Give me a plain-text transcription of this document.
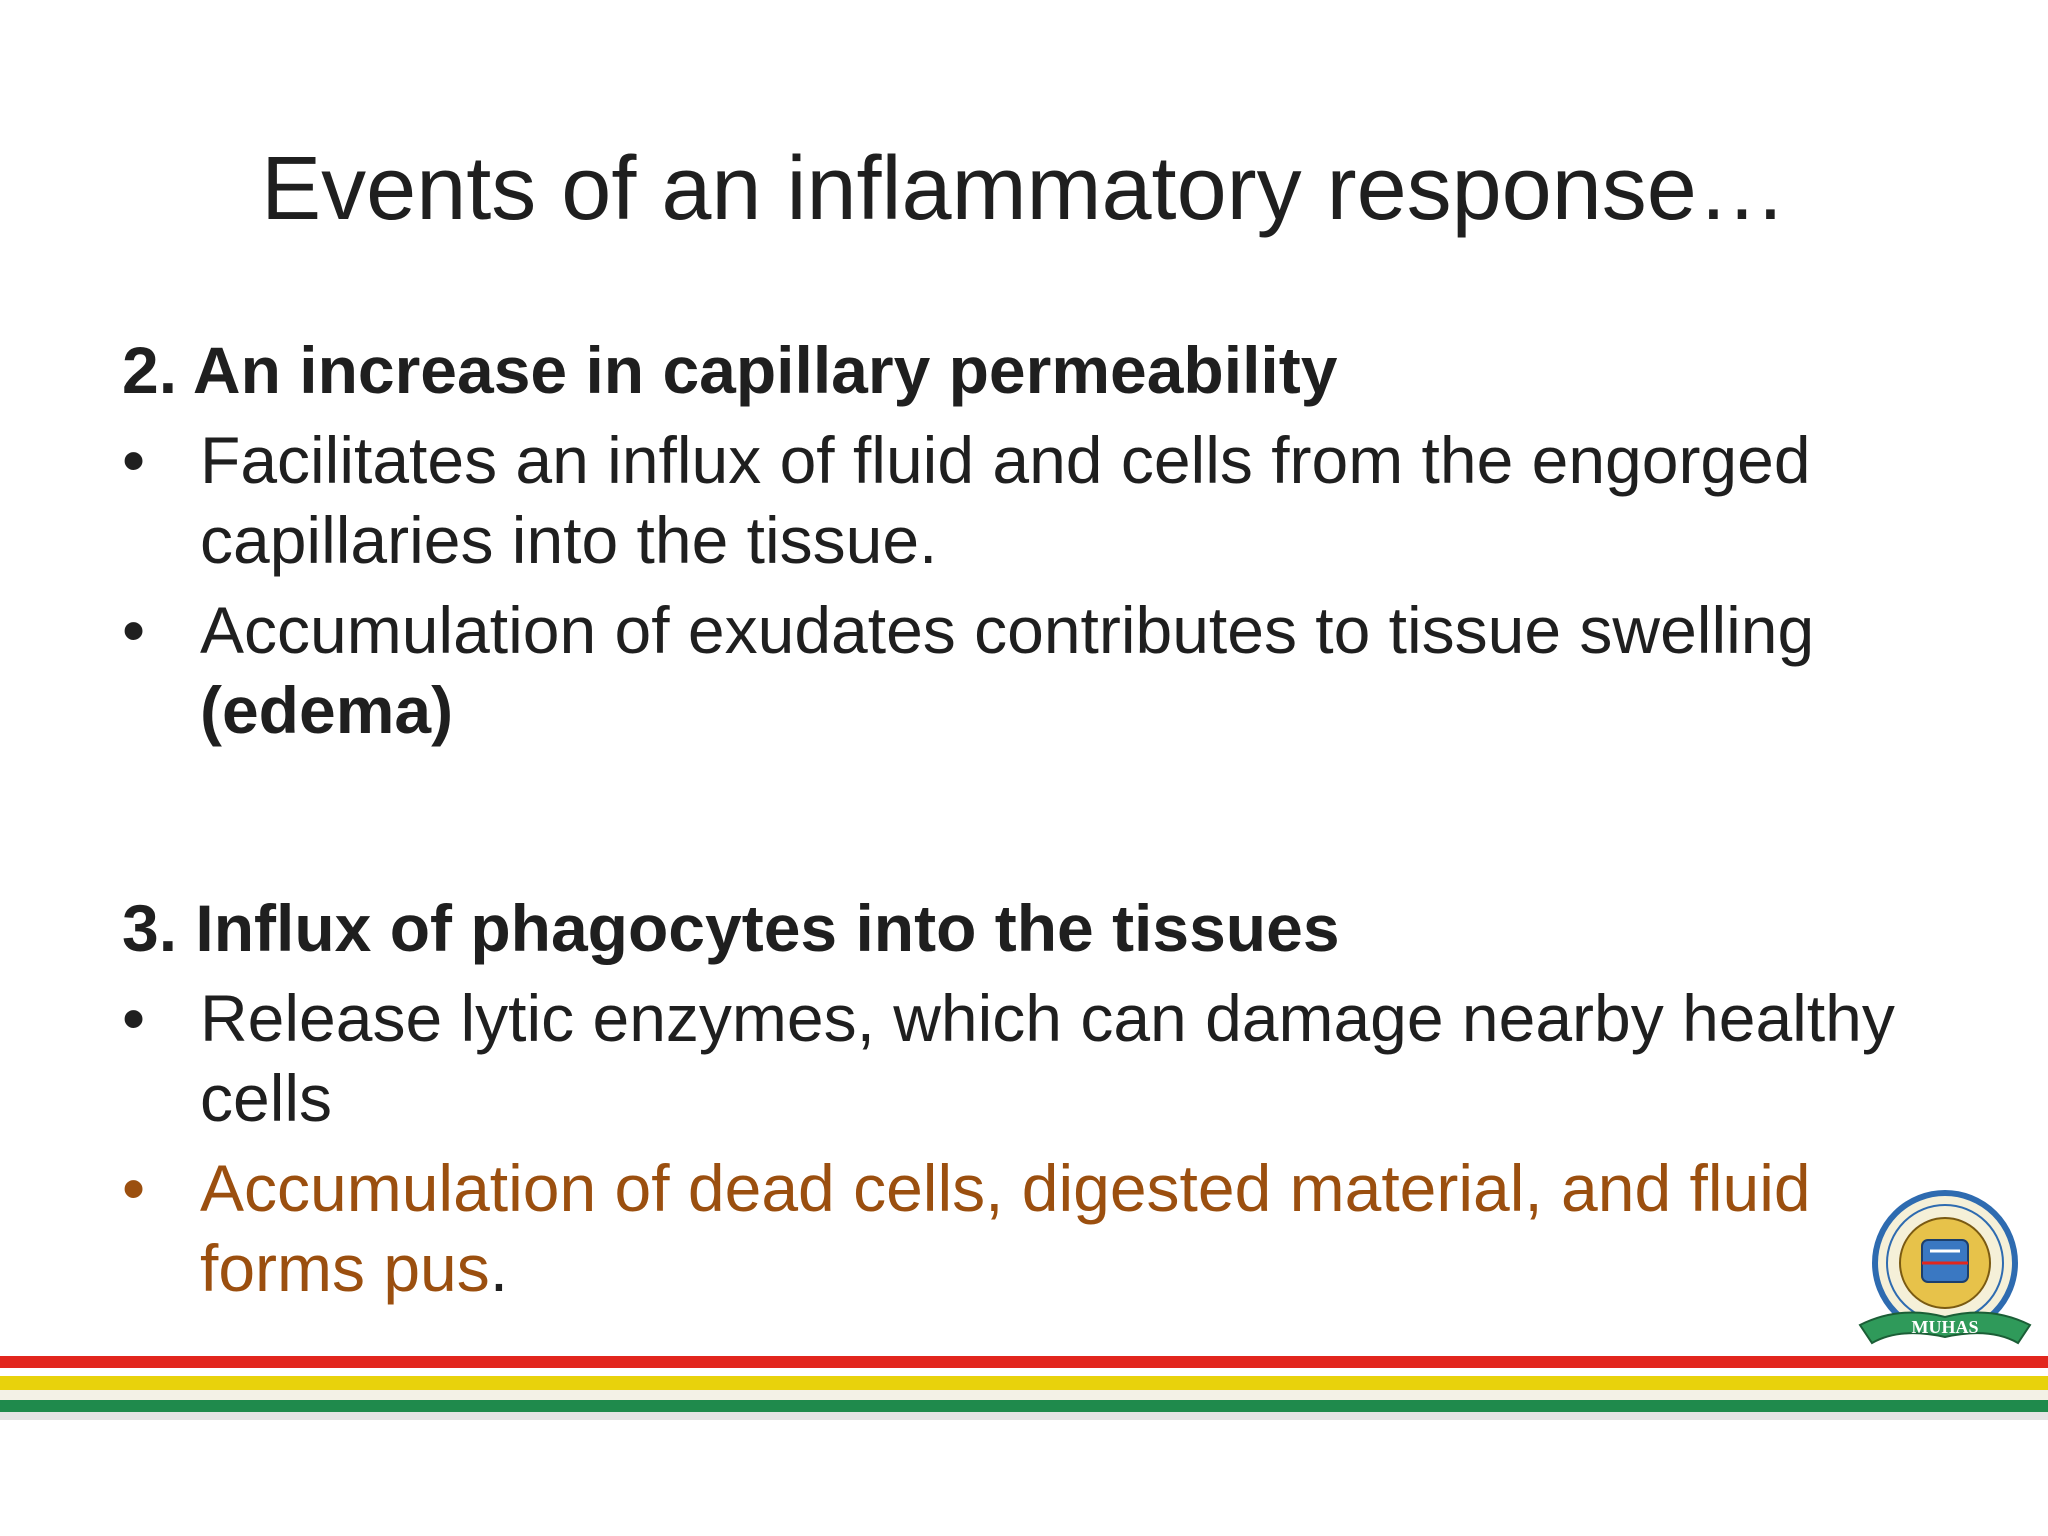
Events of an inflammatory response…

2. An increase in capillary permeability

• Facilitates an influx of fluid and cells from the engorged capillaries into the tissue.
• Accumulation of exudates contributes to tissue swelling (edema)

3. Influx of phagocytes into the tissues

• Release lytic enzymes, which can damage nearby healthy cells
• Accumulation of dead cells, digested material, and fluid forms pus.
MUHAS
